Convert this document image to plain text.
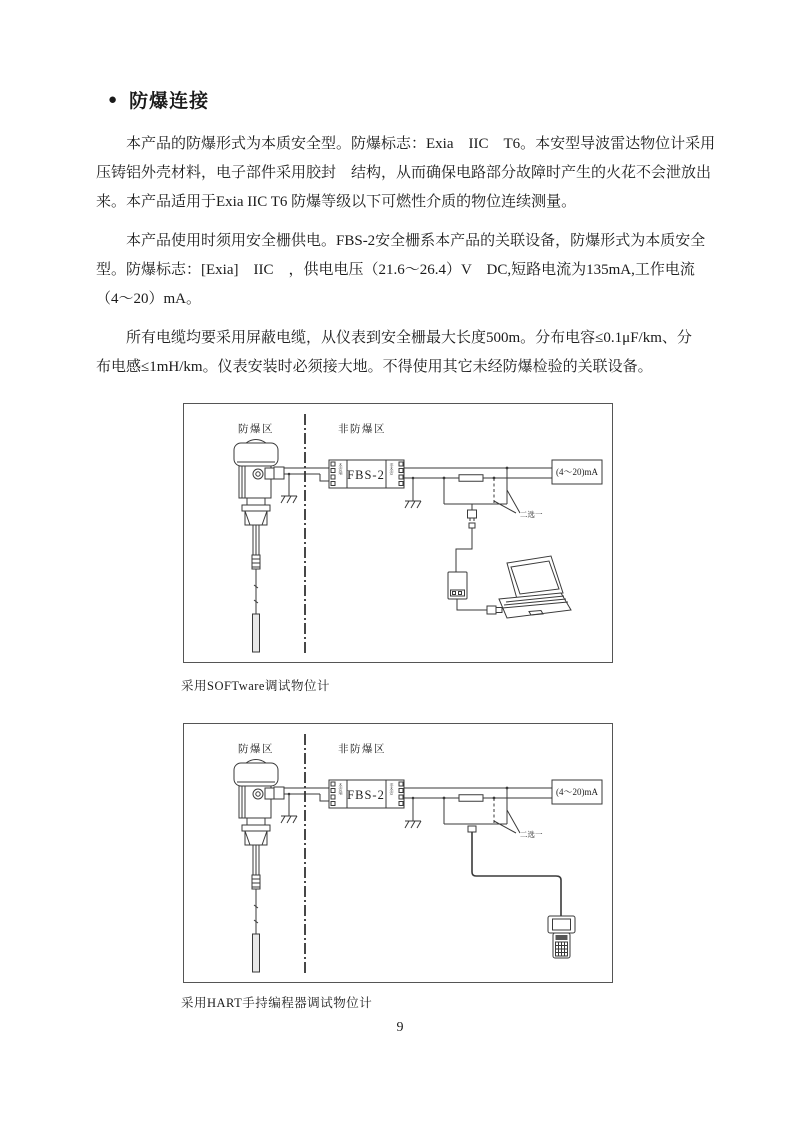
● 防爆连接
本产品的防爆形式为本质安全型。防爆标志：Exia　IIC　T6。本安型导波雷达物位计采用
压铸铝外壳材料，电子部件采用胶封　结构，从而确保电路部分故障时产生的火花不会泄放出
来。本产品适用于Exia IIC T6 防爆等级以下可燃性介质的物位连续测量。
本产品使用时须用安全栅供电。FBS-2安全栅系本产品的关联设备，防爆形式为本质安全
型。防爆标志：[Exia]　IIC　，供电电压（21.6～26.4）V　DC,短路电流为135mA,工作电流
（4～20）mA。
所有电缆均要采用屏蔽电缆，从仪表到安全栅最大长度500m。分布电容≤0.1μF/km、分
布电感≤1mH/km。仪表安装时必须接大地。不得使用其它未经防爆检验的关联设备。
防爆区	非防爆区
本安端	非本安
FBS-2
二选一
(4～20)mA
采用SOFTware调试物位计
防爆区	非防爆区
本安端	非本安
FBS-2
二选一
(4～20)mA
采用HART手持编程器调试物位计
9
